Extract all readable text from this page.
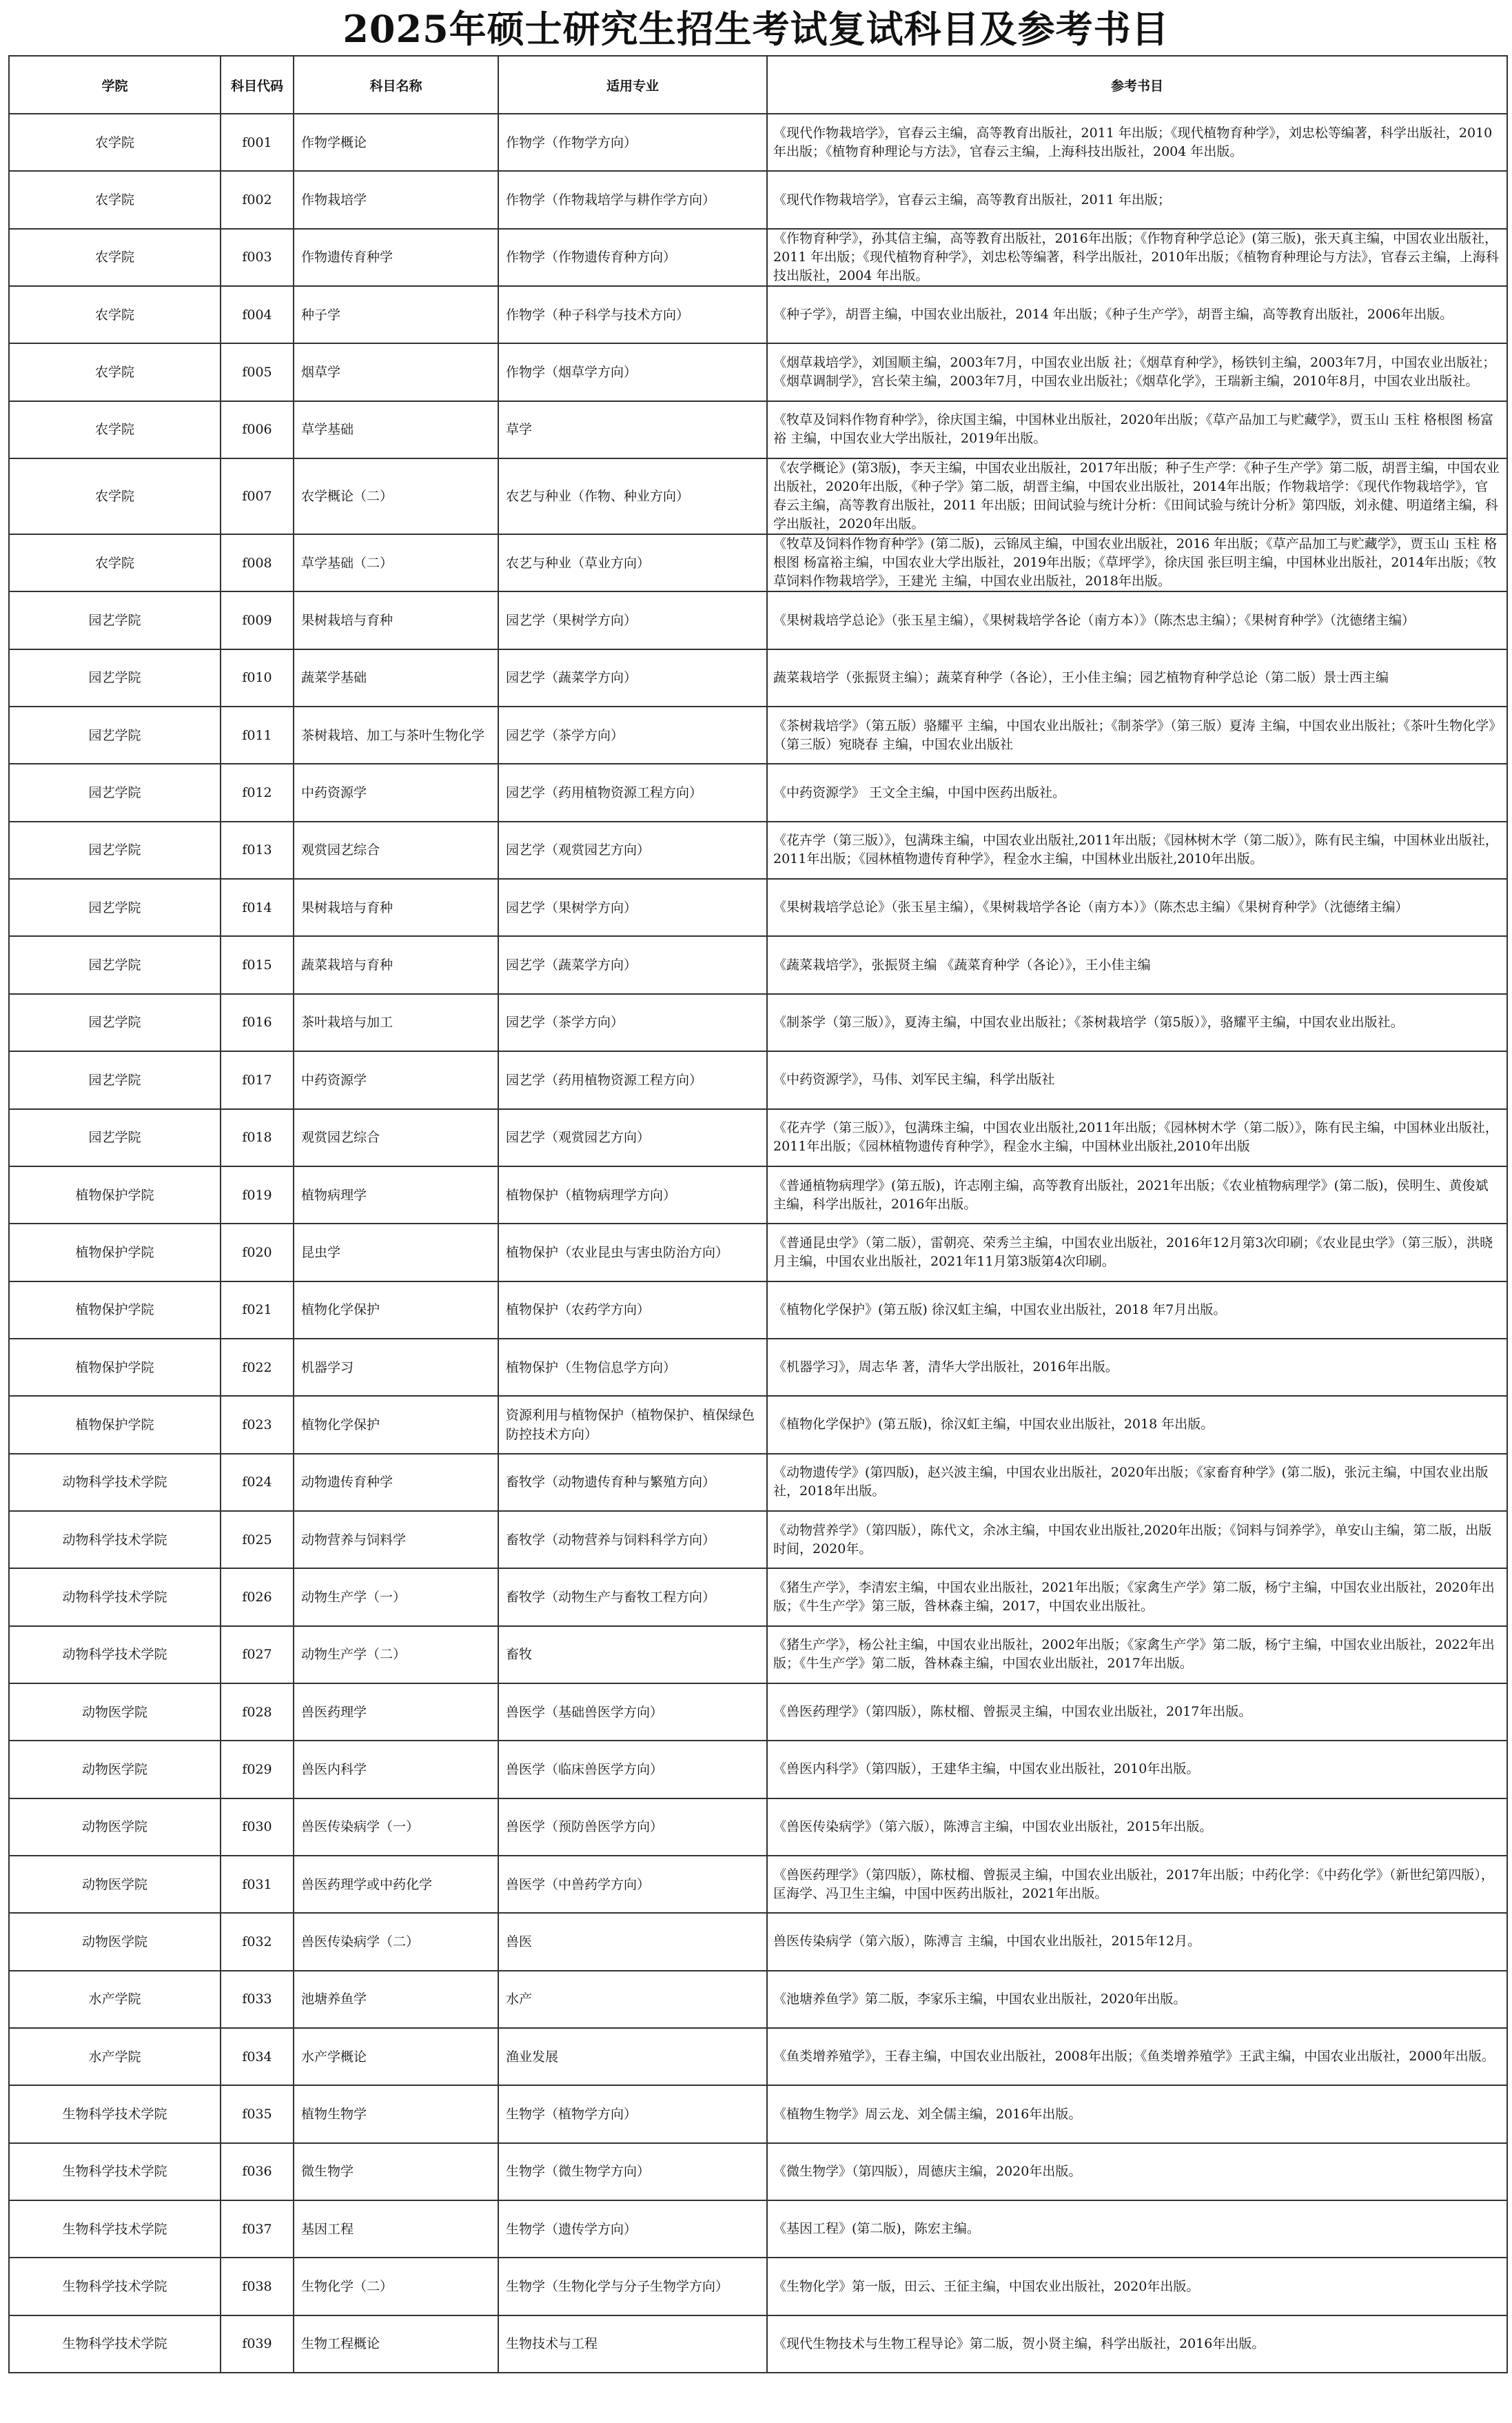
2025年硕士研究生招生考试复试科目及参考书目
学院	科目代码	科目名称	适用专业	参考书目
农学院	f001	作物学概论	作物学（作物学方向）	《现代作物栽培学》，官春云主编，高等教育出版社，2011 年出版；《现代植物育种学》，刘忠松等编著，科学出版社，2010年出版；《植物育种理论与方法》，官春云主编，上海科技出版社，2004 年出版。
农学院	f002	作物栽培学	作物学（作物栽培学与耕作学方向）	《现代作物栽培学》，官春云主编，高等教育出版社，2011 年出版；
农学院	f003	作物遗传育种学	作物学（作物遗传育种方向）	《作物育种学》，孙其信主编，高等教育出版社，2016年出版；《作物育种学总论》(第三版)，张天真主编，中国农业出版社，2011 年出版；《现代植物育种学》，刘忠松等编著，科学出版社，2010年出版；《植物育种理论与方法》，官春云主编，上海科技出版社，2004 年出版。
农学院	f004	种子学	作物学（种子科学与技术方向）	《种子学》，胡晋主编，中国农业出版社，2014 年出版；《种子生产学》，胡晋主编，高等教育出版社，2006年出版。
农学院	f005	烟草学	作物学（烟草学方向）	《烟草栽培学》，刘国顺主编，2003年7月，中国农业出版 社；《烟草育种学》，杨铁钊主编，2003年7月，中国农业出版社；《烟草调制学》，宫长荣主编，2003年7月，中国农业出版社；《烟草化学》，王瑞新主编，2010年8月，中国农业出版社。
农学院	f006	草学基础	草学	《牧草及饲料作物育种学》，徐庆国主编，中国林业出版社，2020年出版；《草产品加工与贮藏学》，贾玉山 玉柱 格根图 杨富裕 主编，中国农业大学出版社，2019年出版。
农学院	f007	农学概论（二）	农艺与种业（作物、种业方向）	《农学概论》(第3版)，李天主编，中国农业出版社，2017年出版；种子生产学：《种子生产学》第二版，胡晋主编，中国农业出版社，2020年出版，《种子学》第二版，胡晋主编，中国农业出版社，2014年出版；作物栽培学：《现代作物栽培学》，官春云主编，高等教育出版社，2011 年出版；田间试验与统计分析：《田间试验与统计分析》第四版，刘永健、明道绪主编，科学出版社，2020年出版。
农学院	f008	草学基础（二）	农艺与种业（草业方向）	《牧草及饲料作物育种学》(第二版)，云锦凤主编，中国农业出版社，2016 年出版；《草产品加工与贮藏学》，贾玉山 玉柱 格根图 杨富裕主编，中国农业大学出版社，2019年出版；《草坪学》，徐庆国 张巨明主编，中国林业出版社，2014年出版；《牧草饲料作物栽培学》，王建光 主编，中国农业出版社，2018年出版。
园艺学院	f009	果树栽培与育种	园艺学（果树学方向）	《果树栽培学总论》（张玉星主编），《果树栽培学各论（南方本）》（陈杰忠主编）；《果树育种学》（沈德绪主编）
园艺学院	f010	蔬菜学基础	园艺学（蔬菜学方向）	蔬菜栽培学（张振贤主编）；蔬菜育种学（各论），王小佳主编；园艺植物育种学总论（第二版）景士西主编
园艺学院	f011	茶树栽培、加工与茶叶生物化学	园艺学（茶学方向）	《茶树栽培学》（第五版）骆耀平 主编，中国农业出版社；《制茶学》（第三版）夏涛 主编，中国农业出版社；《茶叶生物化学》（第三版）宛晓春 主编，中国农业出版社
园艺学院	f012	中药资源学	园艺学（药用植物资源工程方向）	《中药资源学》 王文全主编，中国中医药出版社。
园艺学院	f013	观赏园艺综合	园艺学（观赏园艺方向）	《花卉学（第三版）》，包满珠主编，中国农业出版社,2011年出版；《园林树木学（第二版）》，陈有民主编，中国林业出版社，2011年出版；《园林植物遗传育种学》，程金水主编，中国林业出版社,2010年出版。
园艺学院	f014	果树栽培与育种	园艺学（果树学方向）	《果树栽培学总论》（张玉星主编），《果树栽培学各论（南方本）》（陈杰忠主编）《果树育种学》（沈德绪主编）
园艺学院	f015	蔬菜栽培与育种	园艺学（蔬菜学方向）	《蔬菜栽培学》，张振贤主编 《蔬菜育种学（各论）》，王小佳主编
园艺学院	f016	茶叶栽培与加工	园艺学（茶学方向）	《制茶学（第三版）》，夏涛主编，中国农业出版社；《茶树栽培学（第5版）》，骆耀平主编，中国农业出版社。
园艺学院	f017	中药资源学	园艺学（药用植物资源工程方向）	《中药资源学》，马伟、刘军民主编，科学出版社
园艺学院	f018	观赏园艺综合	园艺学（观赏园艺方向）	《花卉学（第三版）》，包满珠主编，中国农业出版社,2011年出版；《园林树木学（第二版）》，陈有民主编，中国林业出版社，2011年出版；《园林植物遗传育种学》，程金水主编，中国林业出版社,2010年出版
植物保护学院	f019	植物病理学	植物保护（植物病理学方向）	《普通植物病理学》(第五版)，许志刚主编，高等教育出版社，2021年出版；《农业植物病理学》(第二版)，侯明生、黄俊斌主编，科学出版社，2016年出版。
植物保护学院	f020	昆虫学	植物保护（农业昆虫与害虫防治方向）	《普通昆虫学》（第二版），雷朝亮、荣秀兰主编，中国农业出版社，2016年12月第3次印刷；《农业昆虫学》（第三版），洪晓月主编，中国农业出版社，2021年11月第3版第4次印刷。
植物保护学院	f021	植物化学保护	植物保护（农药学方向）	《植物化学保护》(第五版) 徐汉虹主编，中国农业出版社，2018 年7月出版。
植物保护学院	f022	机器学习	植物保护（生物信息学方向）	《机器学习》，周志华 著，清华大学出版社，2016年出版。
植物保护学院	f023	植物化学保护	资源利用与植物保护（植物保护、植保绿色防控技术方向）	《植物化学保护》(第五版)，徐汉虹主编，中国农业出版社，2018 年出版。
动物科学技术学院	f024	动物遗传育种学	畜牧学（动物遗传育种与繁殖方向）	《动物遗传学》(第四版)，赵兴波主编，中国农业出版社，2020年出版；《家畜育种学》(第二版)，张沅主编，中国农业出版社，2018年出版。
动物科学技术学院	f025	动物营养与饲料学	畜牧学（动物营养与饲料科学方向）	《动物营养学》（第四版），陈代文，余冰主编，中国农业出版社,2020年出版；《饲料与饲养学》，单安山主编，第二版，出版时间，2020年。
动物科学技术学院	f026	动物生产学（一）	畜牧学（动物生产与畜牧工程方向）	《猪生产学》，李清宏主编，中国农业出版社，2021年出版；《家禽生产学》第二版，杨宁主编，中国农业出版社，2020年出版；《牛生产学》第三版，昝林森主编，2017，中国农业出版社。
动物科学技术学院	f027	动物生产学（二）	畜牧	《猪生产学》，杨公社主编，中国农业出版社，2002年出版；《家禽生产学》第二版，杨宁主编，中国农业出版社，2022年出版；《牛生产学》第二版，昝林森主编，中国农业出版社，2017年出版。
动物医学院	f028	兽医药理学	兽医学（基础兽医学方向）	《兽医药理学》（第四版），陈杖榴、曾振灵主编，中国农业出版社，2017年出版。
动物医学院	f029	兽医内科学	兽医学（临床兽医学方向）	《兽医内科学》（第四版），王建华主编，中国农业出版社，2010年出版。
动物医学院	f030	兽医传染病学（一）	兽医学（预防兽医学方向）	《兽医传染病学》（第六版），陈溥言主编，中国农业出版社，2015年出版。
动物医学院	f031	兽医药理学或中药化学	兽医学（中兽药学方向）	《兽医药理学》（第四版），陈杖榴、曾振灵主编，中国农业出版社，2017年出版；中药化学：《中药化学》（新世纪第四版），匡海学、冯卫生主编，中国中医药出版社，2021年出版。
动物医学院	f032	兽医传染病学（二）	兽医	兽医传染病学（第六版），陈溥言 主编，中国农业出版社，2015年12月。
水产学院	f033	池塘养鱼学	水产	《池塘养鱼学》第二版，李家乐主编，中国农业出版社，2020年出版。
水产学院	f034	水产学概论	渔业发展	《鱼类增养殖学》，王春主编，中国农业出版社，2008年出版；《鱼类增养殖学》王武主编，中国农业出版社，2000年出版。
生物科学技术学院	f035	植物生物学	生物学（植物学方向）	《植物生物学》周云龙、刘全儒主编，2016年出版。
生物科学技术学院	f036	微生物学	生物学（微生物学方向）	《微生物学》（第四版），周德庆主编，2020年出版。
生物科学技术学院	f037	基因工程	生物学（遗传学方向）	《基因工程》(第二版)，陈宏主编。
生物科学技术学院	f038	生物化学（二）	生物学（生物化学与分子生物学方向）	《生物化学》第一版，田云、王征主编，中国农业出版社，2020年出版。
生物科学技术学院	f039	生物工程概论	生物技术与工程	《现代生物技术与生物工程导论》第二版，贺小贤主编，科学出版社，2016年出版。
